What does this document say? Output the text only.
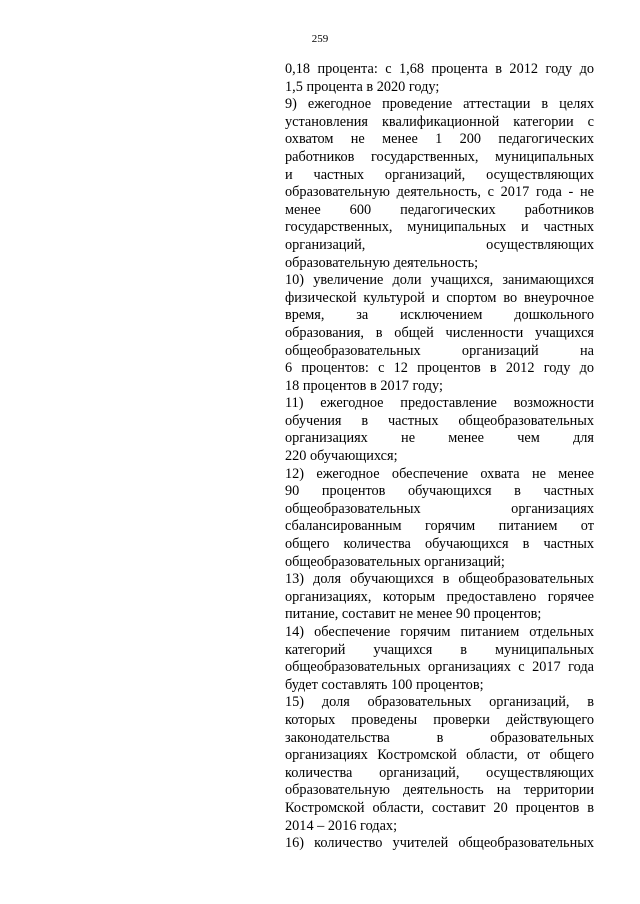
259
0,18 процента: с 1,68 процента в 2012 году до
1,5 процента в 2020 году;
9) ежегодное проведение аттестации в целях
установления квалификационной категории с
охватом не менее 1 200 педагогических
работников государственных, муниципальных
и частных организаций, осуществляющих
образовательную деятельность, с 2017 года - не
менее 600 педагогических работников
государственных, муниципальных и частных
организаций, осуществляющих
образовательную деятельность;
10) увеличение доли учащихся, занимающихся
физической культурой и спортом во внеурочное
время, за исключением дошкольного
образования, в общей численности учащихся
общеобразовательных организаций на
6 процентов: с 12 процентов в 2012 году до
18 процентов в 2017 году;
11) ежегодное предоставление возможности
обучения в частных общеобразовательных
организациях не менее чем для
220 обучающихся;
12) ежегодное обеспечение охвата не менее
90 процентов обучающихся в частных
общеобразовательных организациях
сбалансированным горячим питанием от
общего количества обучающихся в частных
общеобразовательных организаций;
13) доля обучающихся в общеобразовательных
организациях, которым предоставлено горячее
питание, составит не менее 90 процентов;
14) обеспечение горячим питанием отдельных
категорий учащихся в муниципальных
общеобразовательных организациях с 2017 года
будет составлять 100 процентов;
15) доля образовательных организаций, в
которых проведены проверки действующего
законодательства в образовательных
организациях Костромской области, от общего
количества организаций, осуществляющих
образовательную деятельность на территории
Костромской области, составит 20 процентов в
2014 – 2016 годах;
16) количество учителей общеобразовательных
